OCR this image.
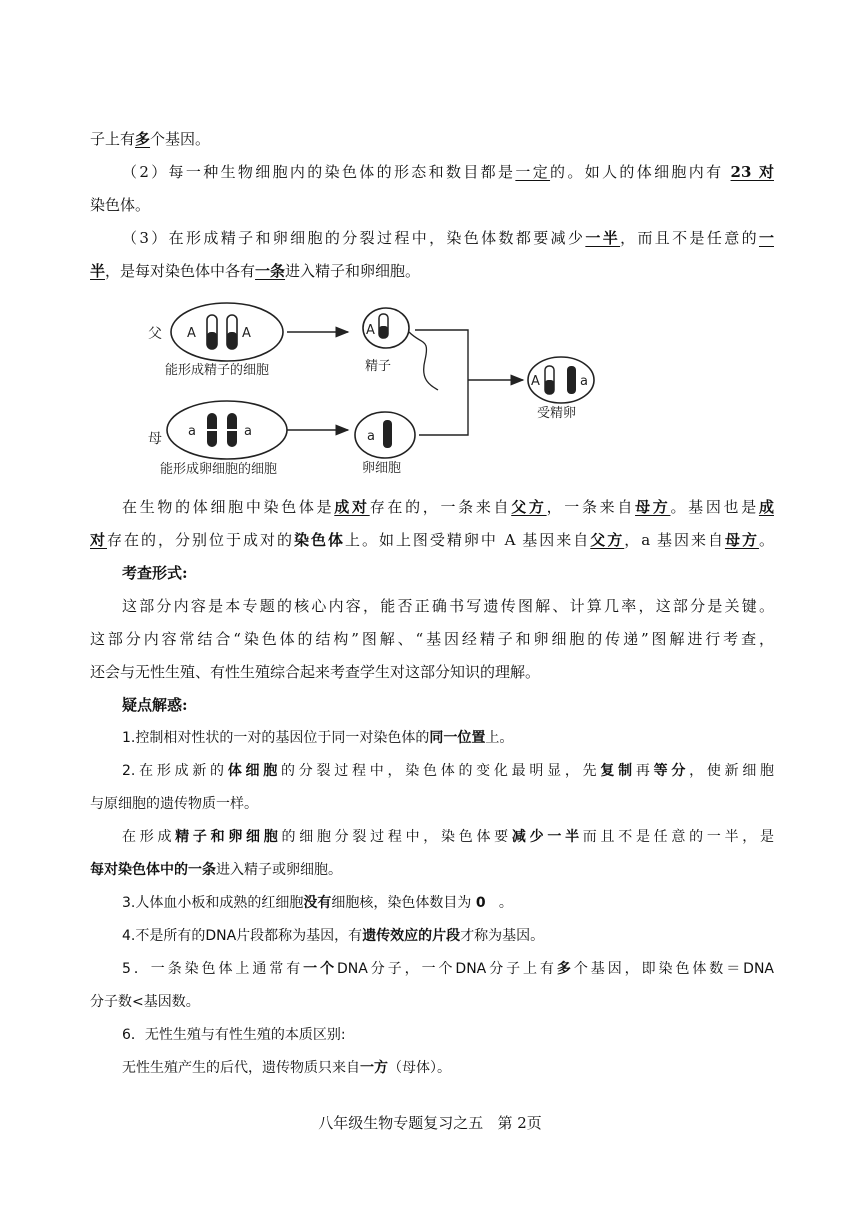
子上有多个基因。
（2）每一种生物细胞内的染色体的形态和数目都是一定的。如人的体细胞内有 23 对
染色体。
（3）在形成精子和卵细胞的分裂过程中，染色体数都要减少一半，而且不是任意的一
半，是每对染色体中各有一条进入精子和卵细胞。
父 A	A
能形成精子的细胞
A
精子
a
卵细胞
母 a	a
能形成卵细胞的细胞
A	a
受精卵
在生物的体细胞中染色体是成对存在的，一条来自父方，一条来自母方。基因也是成
对存在的，分别位于成对的染色体上。如上图受精卵中 A 基因来自父方，a 基因来自母方。
考查形式:
这部分内容是本专题的核心内容，能否正确书写遗传图解、计算几率，这部分是关键。
这部分内容常结合“染色体的结构”图解、“基因经精子和卵细胞的传递”图解进行考查，
还会与无性生殖、有性生殖综合起来考查学生对这部分知识的理解。
疑点解惑:
1.控制相对性状的一对的基因位于同一对染色体的同一位置上。
2.在形成新的体细胞的分裂过程中，染色体的变化最明显，先复制再等分，使新细胞
与原细胞的遗传物质一样。
在形成精子和卵细胞的细胞分裂过程中，染色体要减少一半而且不是任意的一半，是
每对染色体中的一条进入精子或卵细胞。
3.人体血小板和成熟的红细胞没有细胞核，染色体数目为 0   。
4.不是所有的DNA片段都称为基因，有遗传效应的片段才称为基因。
5．一条染色体上通常有一个DNA分子，一个DNA分子上有多个基因，即染色体数＝DNA
分子数<基因数。
6．无性生殖与有性生殖的本质区别:
无性生殖产生的后代，遗传物质只来自一方（母体）。
八年级生物专题复习之五   第 2页
